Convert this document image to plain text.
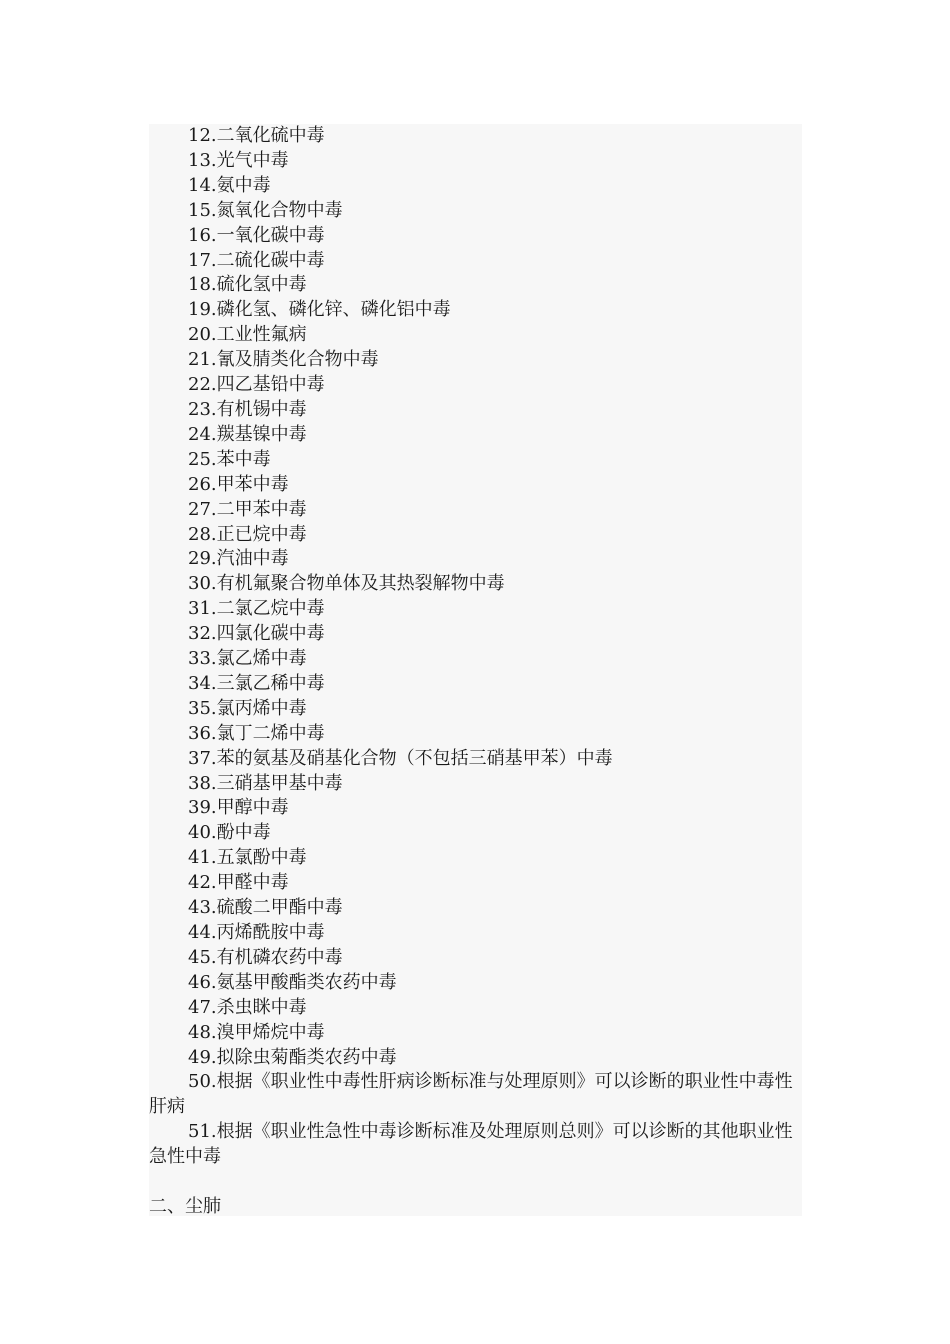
12.二氧化硫中毒

13.光气中毒

14.氨中毒

15.氮氧化合物中毒

16.一氧化碳中毒

17.二硫化碳中毒

18.硫化氢中毒

19.磷化氢、磷化锌、磷化铝中毒

20.工业性氟病

21.氰及腈类化合物中毒

22.四乙基铅中毒

23.有机锡中毒

24.羰基镍中毒

25.苯中毒

26.甲苯中毒

27.二甲苯中毒

28.正已烷中毒

29.汽油中毒

30.有机氟聚合物单体及其热裂解物中毒

31.二氯乙烷中毒

32.四氯化碳中毒

33.氯乙烯中毒

34.三氯乙稀中毒

35.氯丙烯中毒

36.氯丁二烯中毒

37.苯的氨基及硝基化合物（不包括三硝基甲苯）中毒

38.三硝基甲基中毒

39.甲醇中毒

40.酚中毒

41.五氯酚中毒

42.甲醛中毒

43.硫酸二甲酯中毒

44.丙烯酰胺中毒

45.有机磷农药中毒

46.氨基甲酸酯类农药中毒

47.杀虫眯中毒

48.溴甲烯烷中毒

49.拟除虫菊酯类农药中毒

50.根据《职业性中毒性肝病诊断标准与处理原则》可以诊断的职业性中毒性肝病

51.根据《职业性急性中毒诊断标准及处理原则总则》可以诊断的其他职业性急性中毒

二、尘肺
